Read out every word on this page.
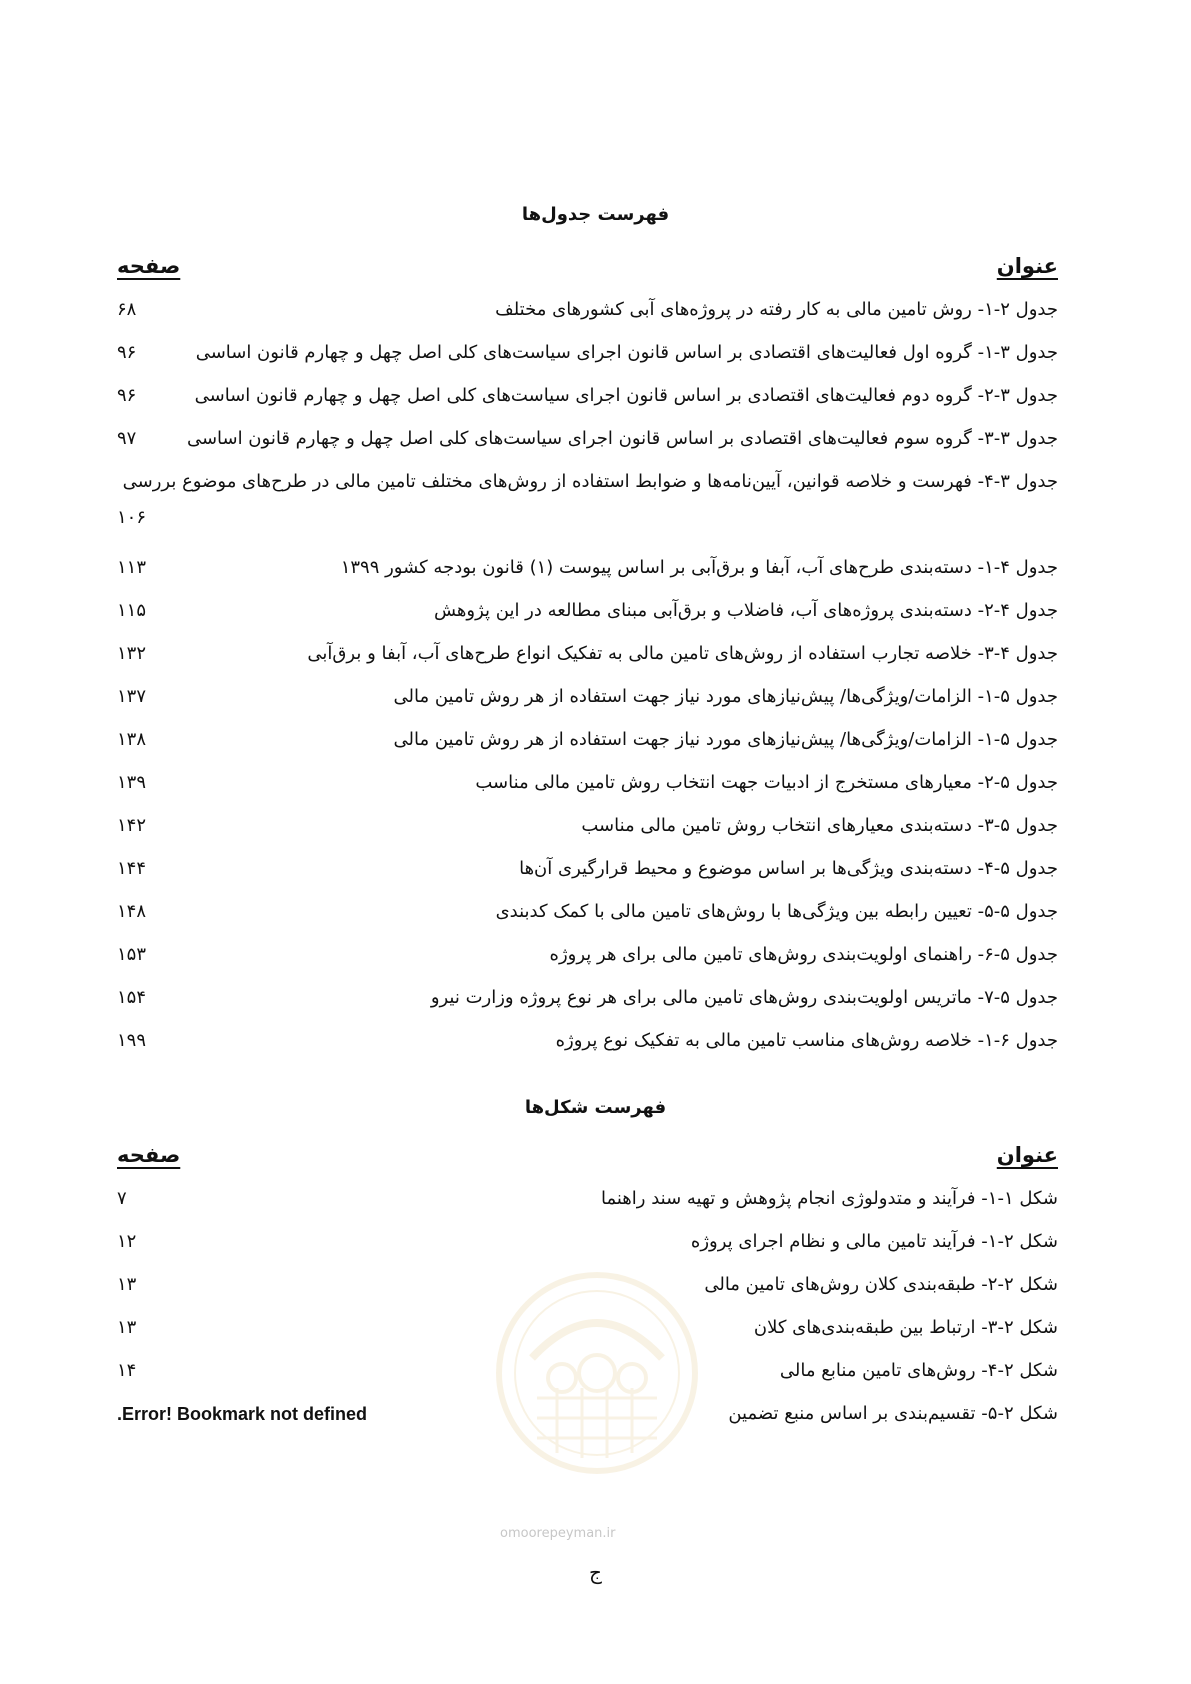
فهرست جدول‌ها
عنوان
صفحه
جدول ۲-۱- روش تامین مالی به کار رفته در پروژه‌های آبی کشورهای مختلف
۶۸
جدول ۳-۱- گروه اول فعالیت‌های اقتصادی بر اساس قانون اجرای سیاست‌های کلی اصل چهل و چهارم قانون اساسی
۹۶
جدول ۳-۲- گروه دوم فعالیت‌های اقتصادی بر اساس قانون اجرای سیاست‌های کلی اصل چهل و چهارم قانون اساسی
۹۶
جدول ۳-۳- گروه سوم فعالیت‌های اقتصادی بر اساس قانون اجرای سیاست‌های کلی اصل چهل و چهارم قانون اساسی
۹۷
جدول ۳-۴- فهرست و خلاصه قوانین، آیین‌نامه‌ها و ضوابط استفاده از روش‌های مختلف تامین مالی در طرح‌های موضوع بررسی
۱۰۶
جدول ۴-۱- دسته‌بندی طرح‌های آب، آبفا و برق‌آبی بر اساس پیوست (۱) قانون بودجه کشور ۱۳۹۹
۱۱۳
جدول ۴-۲- دسته‌بندی پروژه‌های آب، فاضلاب و برق‌آبی مبنای مطالعه در این پژوهش
۱۱۵
جدول ۴-۳- خلاصه تجارب استفاده از روش‌های تامین مالی به تفکیک انواع طرح‌های آب، آبفا و برق‌آبی
۱۳۲
جدول ۵-۱- الزامات/ویژگی‌ها/ پیش‌نیازهای مورد نیاز جهت استفاده از هر روش تامین مالی
۱۳۷
جدول ۵-۱- الزامات/ویژگی‌ها/ پیش‌نیازهای مورد نیاز جهت استفاده از هر روش تامین مالی
۱۳۸
جدول ۵-۲- معیارهای مستخرج از ادبیات جهت انتخاب روش تامین مالی مناسب
۱۳۹
جدول ۵-۳- دسته‌بندی معیارهای انتخاب روش تامین مالی مناسب
۱۴۲
جدول ۵-۴- دسته‌بندی ویژگی‌ها بر اساس موضوع و محیط قرارگیری آن‌ها
۱۴۴
جدول ۵-۵- تعیین رابطه بین ویژگی‌ها با روش‌های تامین مالی با کمک کدبندی
۱۴۸
جدول ۵-۶- راهنمای اولویت‌بندی روش‌های تامین مالی برای هر پروژه
۱۵۳
جدول ۵-۷- ماتریس اولویت‌بندی روش‌های تامین مالی برای هر نوع پروژه وزارت نیرو
۱۵۴
جدول ۶-۱- خلاصه روش‌های مناسب تامین مالی به تفکیک نوع پروژه
۱۹۹
فهرست شکل‌ها
عنوان
صفحه
omoorepeyman.ir
شکل ۱-۱- فرآیند و متدولوژی انجام پژوهش و تهیه سند راهنما
۷
شکل ۲-۱- فرآیند تامین مالی و نظام اجرای پروژه
۱۲
شکل ۲-۲- طبقه‌بندی کلان روش‌های تامین مالی
۱۳
شکل ۲-۳- ارتباط بین طبقه‌بندی‌های کلان
۱۳
شکل ۲-۴- روش‌های تامین منابع مالی
۱۴
شکل ۲-۵- تقسیم‌بندی بر اساس منبع تضمین
Error! Bookmark not defined.
ج
